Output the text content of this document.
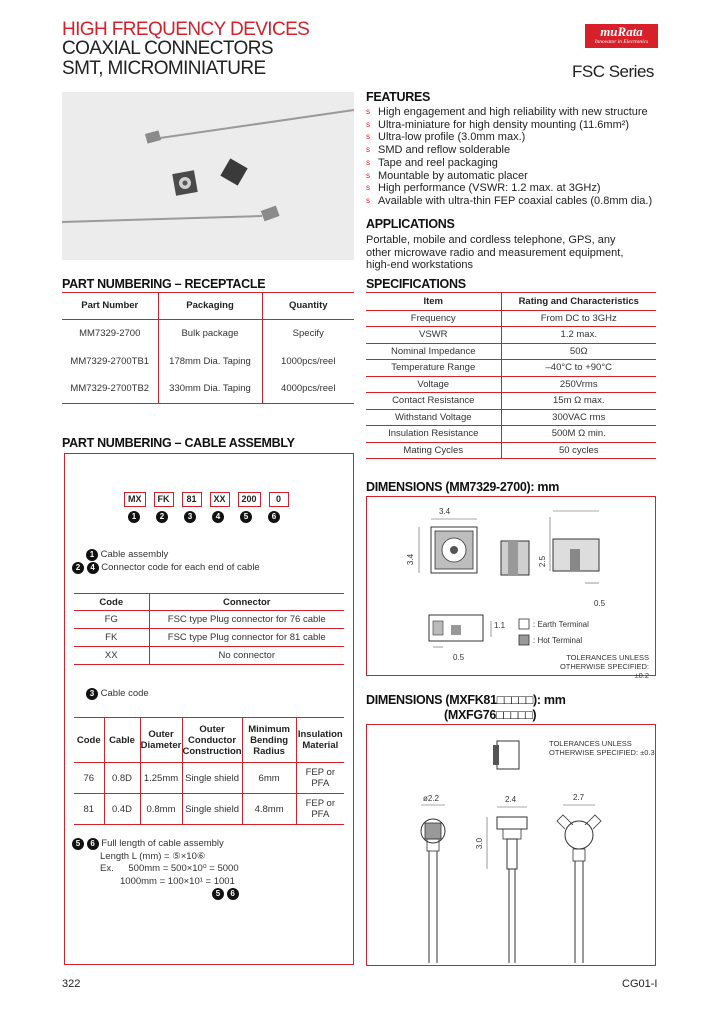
HIGH FREQUENCY DEVICES
COAXIAL CONNECTORS
SMT, MICROMINIATURE
muRata
Innovator in Electronics
FSC Series
FEATURES
s High engagement and high reliability with new structure
s Ultra-miniature for high density mounting (11.6mm²)
s Ultra-low profile (3.0mm max.)
s SMD and reflow solderable
s Tape and reel packaging
s Mountable by automatic placer
s High performance (VSWR: 1.2 max. at 3GHz)
s Available with ultra-thin FEP coaxial cables (0.8mm dia.)
APPLICATIONS
Portable, mobile and cordless telephone, GPS, any other microwave radio and measurement equipment, high-end workstations
SPECIFICATIONS
Item	Rating and Characteristics
Frequency	From DC to 3GHz
VSWR	1.2 max.
Nominal Impedance	50Ω
Temperature Range	–40°C to +90°C
Voltage	250Vrms
Contact Resistance	15m Ω max.
Withstand Voltage	300VAC rms
Insulation Resistance	500M Ω min.
Mating Cycles	50 cycles
PART NUMBERING – RECEPTACLE
Part Number	Packaging	Quantity
MM7329-2700	Bulk package	Specify
MM7329-2700TB1	178mm Dia. Taping	1000pcs/reel
MM7329-2700TB2	330mm Dia. Taping	4000pcs/reel
PART NUMBERING – CABLE ASSEMBLY
MX	FK	81	XX	200	0
1	2	3	4	5	6
1 Cable assembly
2 4 Connector code for each end of cable
Code	Connector
FG	FSC type Plug connector for 76 cable
FK	FSC type Plug connector for 81 cable
XX	No connector
3 Cable code
Code	Cable	Outer Diameter	Outer Conductor Construction	Minimum Bending Radius	Insulation Material
76	0.8D	1.25mm	Single shield	6mm	FEP or PFA
81	0.4D	0.8mm	Single shield	4.8mm	FEP or PFA
5 6 Full length of cable assembly
Length L (mm) = ⑤×10⑥
Ex. 500mm = 500×10⁰ = 5000
1000mm = 100×10¹ = 1001
5 6
DIMENSIONS (MM7329-2700): mm
3.4
3.4	2.5
0.5
0.5
1.1	: Earth Terminal
: Hot Terminal
TOLERANCES UNLESS
OTHERWISE SPECIFIED: ±0.2
DIMENSIONS (MXFK81□□□□□): mm
(MXFG76□□□□□)
TOLERANCES UNLESS
OTHERWISE SPECIFIED: ±0.3
ø2.2	2.4	2.7
3.0
322	CG01-I
